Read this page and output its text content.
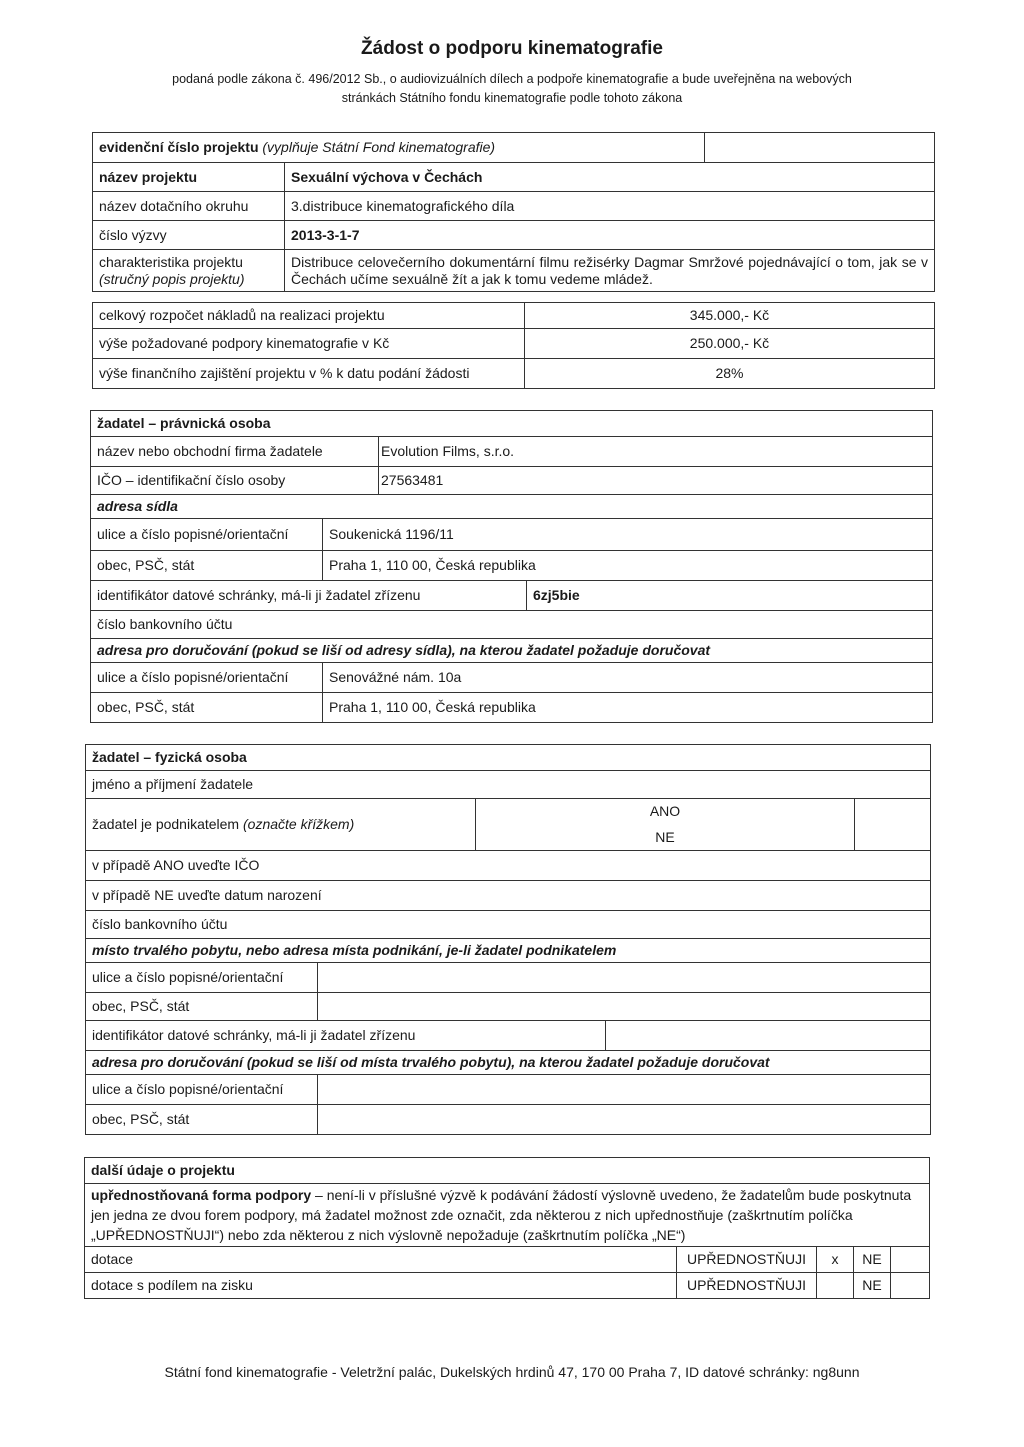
Žádost o podporu kinematografie
podaná podle zákona č. 496/2012 Sb., o audiovizuálních dílech a podpoře kinematografie a bude uveřejněna na webových
stránkách Státního fondu kinematografie podle tohoto zákona
evidenční číslo projektu (vyplňuje Státní Fond kinematografie)		
název projektu	Sexuální výchova v Čechách	
název dotačního okruhu	3.distribuce kinematografického díla	
číslo výzvy	2013-3-1-7	

charakteristika projektu
(stručný popis projektu)	Distribuce celovečerního dokumentární filmu režisérky Dagmar Smržové pojednávající o tom, jak se v Čechách učíme sexuálně žít a jak k tomu vedeme mládež.	
celkový rozpočet nákladů na realizaci projektu	345.000,- Kč
výše požadované podpory kinematografie v Kč	250.000,- Kč
výše finančního zajištění projektu v % k datu podání žádosti	28%
žadatel – právnická osoba			
název nebo obchodní firma žadatele		Evolution Films, s.r.o.	
IČO – identifikační číslo osoby		27563481	
adresa sídla			
ulice a číslo popisné/orientační	Soukenická 1196/11		
obec, PSČ, stát	Praha 1, 110 00, Česká republika		
identifikátor datové schránky, má-li ji žadatel zřízenu			6zj5bie
číslo bankovního účtu			
adresa pro doručování (pokud se liší od adresy sídla), na kterou žadatel požaduje doručovat			
ulice a číslo popisné/orientační	Senovážné nám. 10a		
obec, PSČ, stát	Praha 1, 110 00, Česká republika		
žadatel – fyzická osoba				
jméno a příjmení žadatele				
žadatel je podnikatelem (označte křížkem)		ANO		
		NE		
v případě ANO uveďte IČO				
v případě NE uveďte datum narození				
číslo bankovního účtu				
místo trvalého pobytu, nebo adresa místa podnikání, je-li žadatel podnikatelem				
ulice a číslo popisné/orientační				
obec, PSČ, stát				
identifikátor datové schránky, má-li ji žadatel zřízenu				
adresa pro doručování (pokud se liší od místa trvalého pobytu), na kterou žadatel požaduje doručovat				
ulice a číslo popisné/orientační				
obec, PSČ, stát				
další údaje o projektu				
upřednostňovaná forma podpory – není-li v příslušné výzvě k podávání žádostí výslovně uvedeno, že žadatelům bude poskytnuta jen jedna ze dvou forem podpory, má žadatel možnost zde označit, zda některou z nich upřednostňuje (zaškrtnutím políčka „UPŘEDNOSTŇUJI“) nebo zda některou z nich výslovně nepožaduje (zaškrtnutím políčka „NE“)				
dotace	UPŘEDNOSTŇUJI	x	NE	
dotace s podílem na zisku	UPŘEDNOSTŇUJI		NE	
Státní fond kinematografie - Veletržní palác, Dukelských hrdinů 47, 170 00 Praha 7, ID datové schránky: ng8unn
